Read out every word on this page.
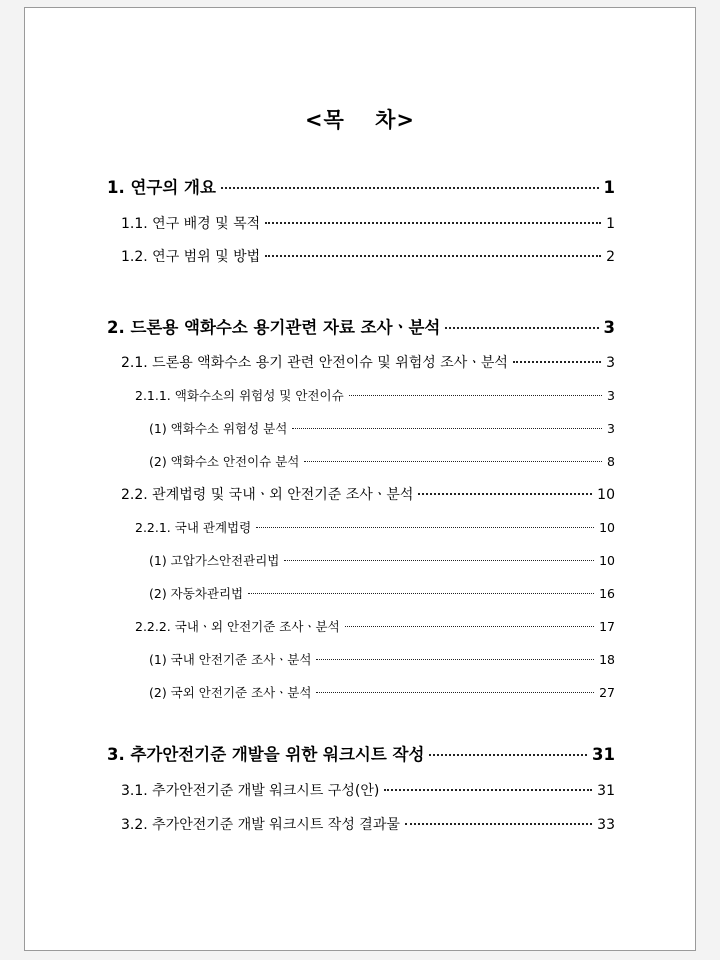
<목 차>
1. 연구의 개요	1
1.1. 연구 배경 및 목적	1
1.2. 연구 범위 및 방법	2
2. 드론용 액화수소 용기관련 자료 조사ㆍ분석	3
2.1. 드론용 액화수소 용기 관련 안전이슈 및 위험성 조사ㆍ분석	3
2.1.1. 액화수소의 위험성 및 안전이슈	3
(1) 액화수소 위험성 분석	3
(2) 액화수소 안전이슈 분석	8
2.2. 관계법령 및 국내ㆍ외 안전기준 조사ㆍ분석	10
2.2.1. 국내 관계법령	10
(1) 고압가스안전관리법	10
(2) 자동차관리법	16
2.2.2. 국내ㆍ외 안전기준 조사ㆍ분석	17
(1) 국내 안전기준 조사ㆍ분석	18
(2) 국외 안전기준 조사ㆍ분석	27
3. 추가안전기준 개발을 위한 워크시트 작성	31
3.1. 추가안전기준 개발 워크시트 구성(안)	31
3.2. 추가안전기준 개발 워크시트 작성 결과물	33
